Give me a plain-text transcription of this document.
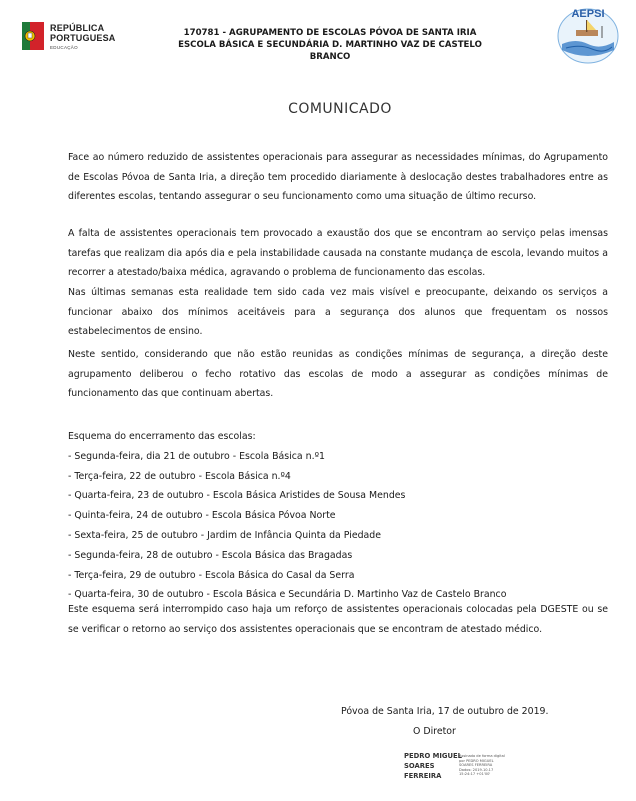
REPÚBLICA
PORTUGUESA
EDUCAÇÃO
170781 - AGRUPAMENTO DE ESCOLAS PÓVOA DE SANTA IRIA
ESCOLA BÁSICA E SECUNDÁRIA D. MARTINHO VAZ DE CASTELO BRANCO
AEPSI
COMUNICADO

Face ao número reduzido de assistentes operacionais para assegurar as necessidades mínimas, do Agrupamento de Escolas Póvoa de Santa Iria, a direção tem procedido diariamente à deslocação destes trabalhadores entre as diferentes escolas, tentando assegurar o seu funcionamento como uma situação de último recurso.

A falta de assistentes operacionais tem provocado a exaustão dos que se encontram ao serviço pelas imensas tarefas que realizam dia após dia e pela instabilidade causada na constante mudança de escola, levando muitos a recorrer a atestado/baixa médica, agravando o problema de funcionamento das escolas.

Nas últimas semanas esta realidade tem sido cada vez mais visível e preocupante, deixando os serviços a funcionar abaixo dos mínimos aceitáveis para a segurança dos alunos que frequentam os nossos estabelecimentos de ensino.

Neste sentido, considerando que não estão reunidas as condições mínimas de segurança, a direção deste agrupamento deliberou o fecho rotativo das escolas de modo a assegurar as condições mínimas de funcionamento das que continuam abertas.

Esquema do encerramento das escolas:
- Segunda-feira, dia 21 de outubro - Escola Básica n.º1
- Terça-feira, 22 de outubro - Escola Básica n.º4
- Quarta-feira, 23 de outubro - Escola Básica Aristides de Sousa Mendes
- Quinta-feira, 24 de outubro - Escola Básica Póvoa Norte
- Sexta-feira, 25 de outubro - Jardim de Infância Quinta da Piedade
- Segunda-feira, 28 de outubro - Escola Básica das Bragadas
- Terça-feira, 29 de outubro - Escola Básica do Casal da Serra
- Quarta-feira, 30 de outubro - Escola Básica e Secundária D. Martinho Vaz de Castelo Branco

Este esquema será interrompido caso haja um reforço de assistentes operacionais colocadas pela DGESTE ou se se verificar o retorno ao serviço dos assistentes operacionais que se encontram de atestado médico.

Póvoa de Santa Iria, 17 de outubro de 2019.
O Diretor
PEDRO MIGUEL
SOARES
FERREIRA
Assinado de forma digital
por PEDRO MIGUEL
SOARES FERREIRA
Dados: 2019.10.17
15:24:17 +01'00'
